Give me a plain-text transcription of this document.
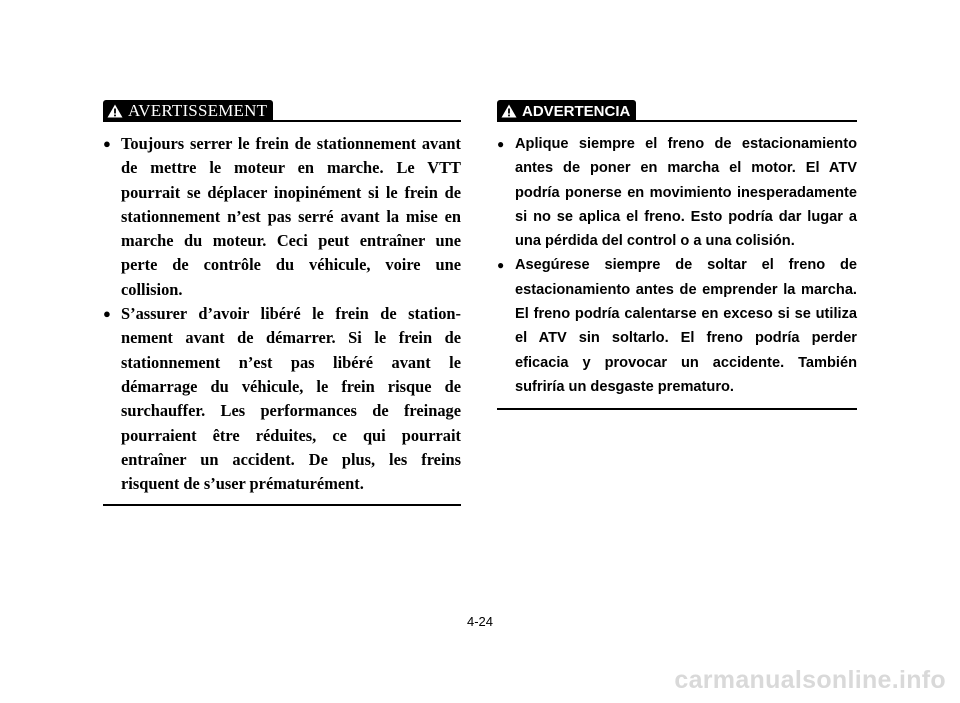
AVERTISSEMENT
● Toujours serrer le frein de stationnement avant de mettre le moteur en marche. Le VTT pourrait se déplacer inopinément si le frein de stationnement n’est pas serré avant la mise en marche du moteur. Ceci peut entraîner une perte de contrôle du véhicule, voire une collision.
● S’assurer d’avoir libéré le frein de stationnement avant de démarrer. Si le frein de stationnement n’est pas libéré avant le démarrage du véhicule, le frein risque de surchauffer. Les performances de freinage pourraient être réduites, ce qui pourrait entraîner un accident. De plus, les freins risquent de s’user prématurément.
ADVERTENCIA
● Aplique siempre el freno de estacionamiento antes de poner en marcha el motor. El ATV podría ponerse en movimiento inesperadamente si no se aplica el freno. Esto podría dar lugar a una pérdida del control o a una colisión.
● Asegúrese siempre de soltar el freno de estacionamiento antes de emprender la marcha. El freno podría calentarse en exceso si se utiliza el ATV sin soltarlo. El freno podría perder eficacia y provocar un accidente. También sufriría un desgaste prematuro.
4-24
carmanualsonline.info
